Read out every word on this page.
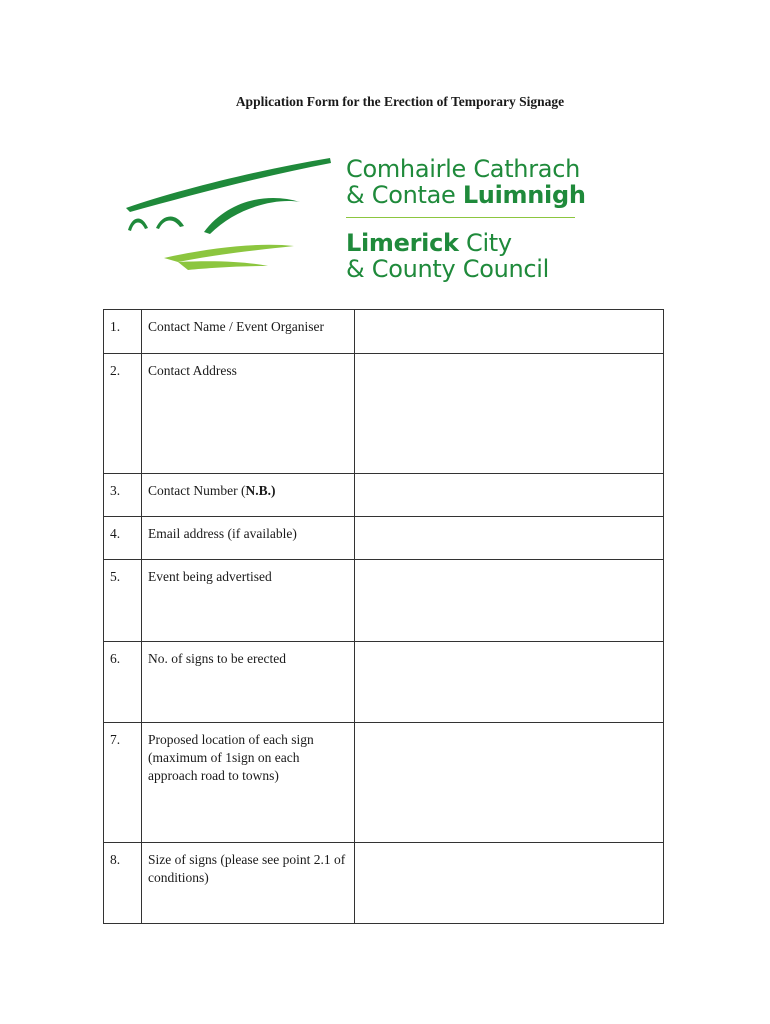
Application Form for the Erection of Temporary Signage
Comhairle Cathrach
& Contae Luimnigh
Limerick City
& County Council
1.	Contact Name / Event Organiser	
2.	Contact Address	
3.	Contact Number (N.B.)	
4.	Email address (if available)	
5.	Event being advertised	
6.	No. of signs to be erected	
7.	Proposed location of each sign (maximum of 1sign on each approach road to towns)	
8.	Size of signs (please see point 2.1 of conditions)	
